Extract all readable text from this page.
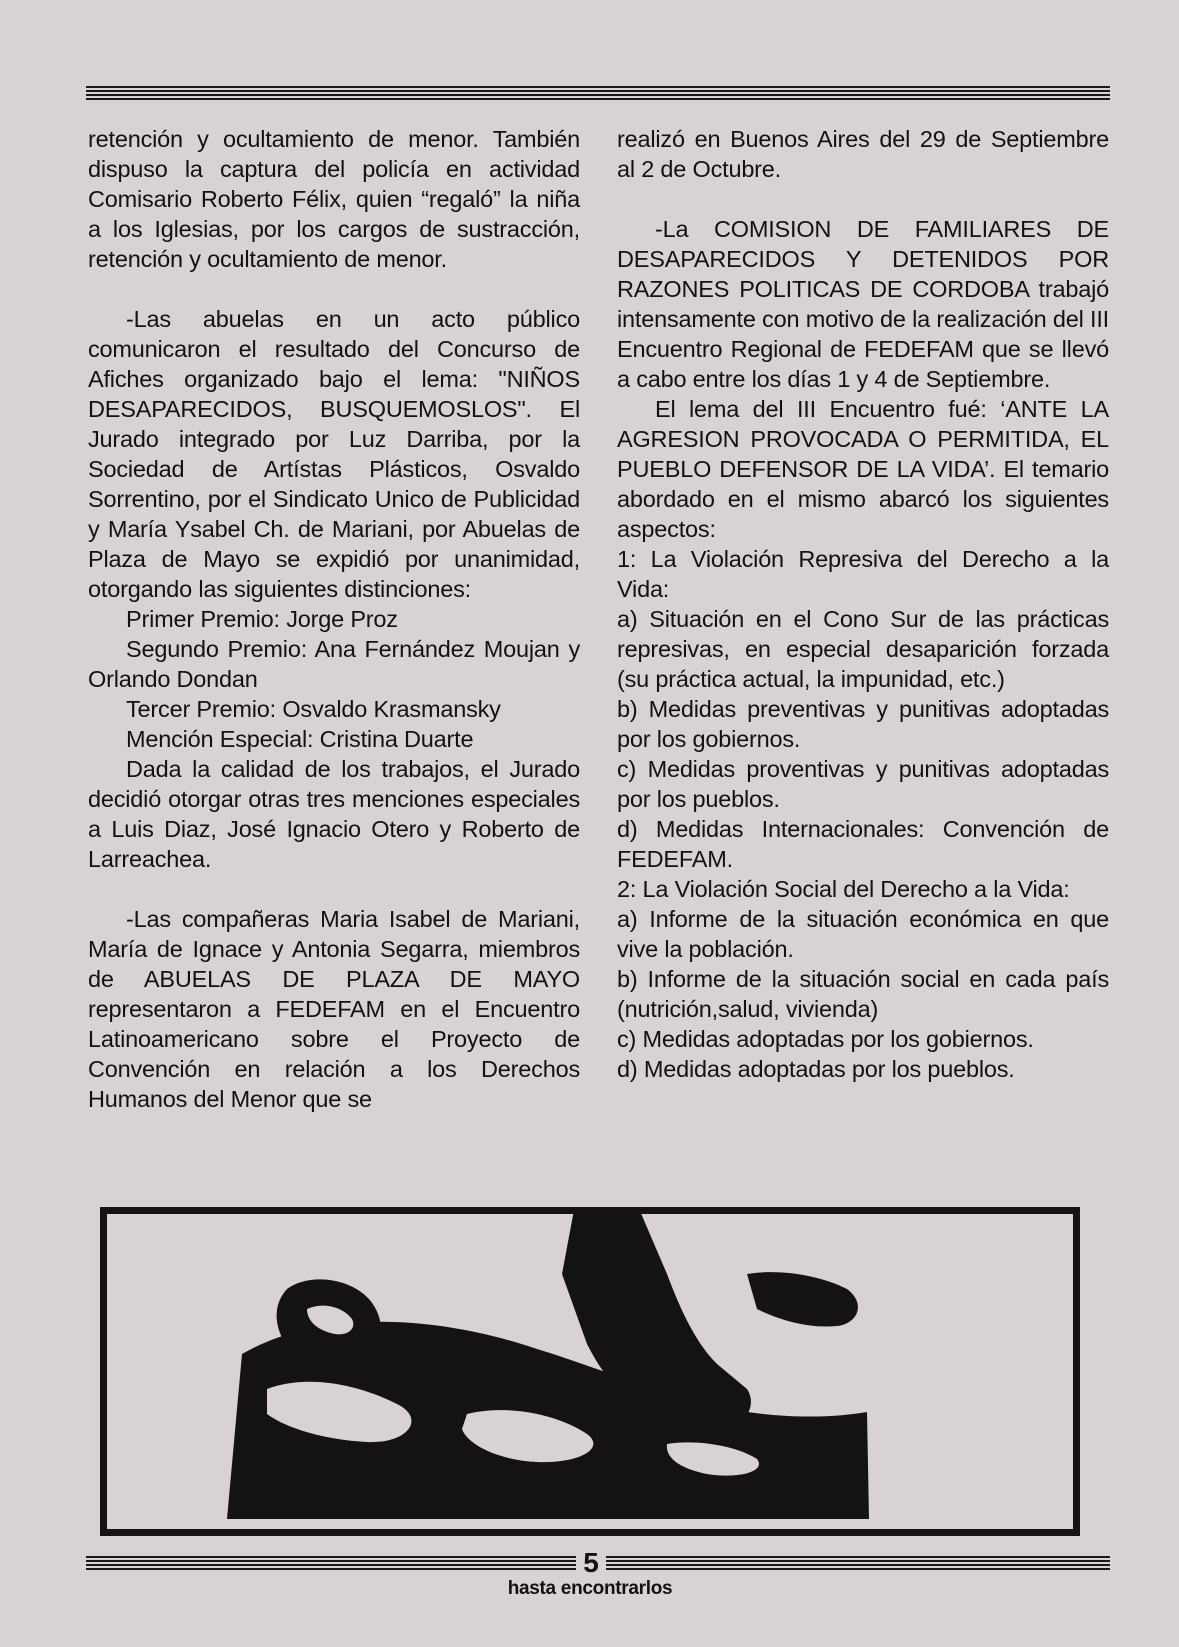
retención y ocultamiento de menor. También dispuso la captura del policía en actividad Comisario Roberto Félix, quien “regaló” la niña a los Iglesias, por los cargos de sustracción, retención y ocultamiento de menor.

-Las abuelas en un acto público comunicaron el resultado del Concurso de Afiches organizado bajo el lema: "NIÑOS DESAPARECIDOS, BUSQUEMOSLOS". El Jurado integrado por Luz Darriba, por la Sociedad de Artístas Plásticos, Osvaldo Sorrentino, por el Sindicato Unico de Publicidad y María Ysabel Ch. de Mariani, por Abuelas de Plaza de Mayo se expidió por unanimidad, otorgando las siguientes distinciones:

Primer Premio: Jorge Proz

Segundo Premio: Ana Fernández Moujan y Orlando Dondan

Tercer Premio: Osvaldo Krasmansky

Mención Especial: Cristina Duarte

Dada la calidad de los trabajos, el Jurado decidió otorgar otras tres menciones especiales a Luis Diaz, José Ignacio Otero y Roberto de Larreachea.

-Las compañeras Maria Isabel de Mariani, María de Ignace y Antonia Segarra, miembros de ABUELAS DE PLAZA DE MAYO representaron a FEDEFAM en el Encuentro Latinoamericano sobre el Proyecto de Convención en relación a los Derechos Humanos del Menor que se

realizó en Buenos Aires del 29 de Septiembre al 2 de Octubre.

-La COMISION DE FAMILIARES DE DESAPARECIDOS Y DETENIDOS POR RAZONES POLITICAS DE CORDOBA trabajó intensamente con motivo de la realización del III Encuentro Regional de FEDEFAM que se llevó a cabo entre los días 1 y 4 de Septiembre.

El lema del III Encuentro fué: ‘ANTE LA AGRESION PROVOCADA O PERMITIDA, EL PUEBLO DEFENSOR DE LA VIDA’. El temario abordado en el mismo abarcó los siguientes aspectos:

1: La Violación Represiva del Derecho a la Vida:

a) Situación en el Cono Sur de las prácticas represivas, en especial desaparición forzada (su práctica actual, la impunidad, etc.)

b) Medidas preventivas y punitivas adoptadas por los gobiernos.

c) Medidas proventivas y punitivas adoptadas por los pueblos.

d) Medidas Internacionales: Convención de FEDEFAM.

2: La Violación Social del Derecho a la Vida:

a) Informe de la situación económica en que vive la población.

b) Informe de la situación social en cada país (nutrición,salud, vivienda)

c) Medidas adoptadas por los gobiernos.

d) Medidas adoptadas por los pueblos.

5
hasta encontrarlos
